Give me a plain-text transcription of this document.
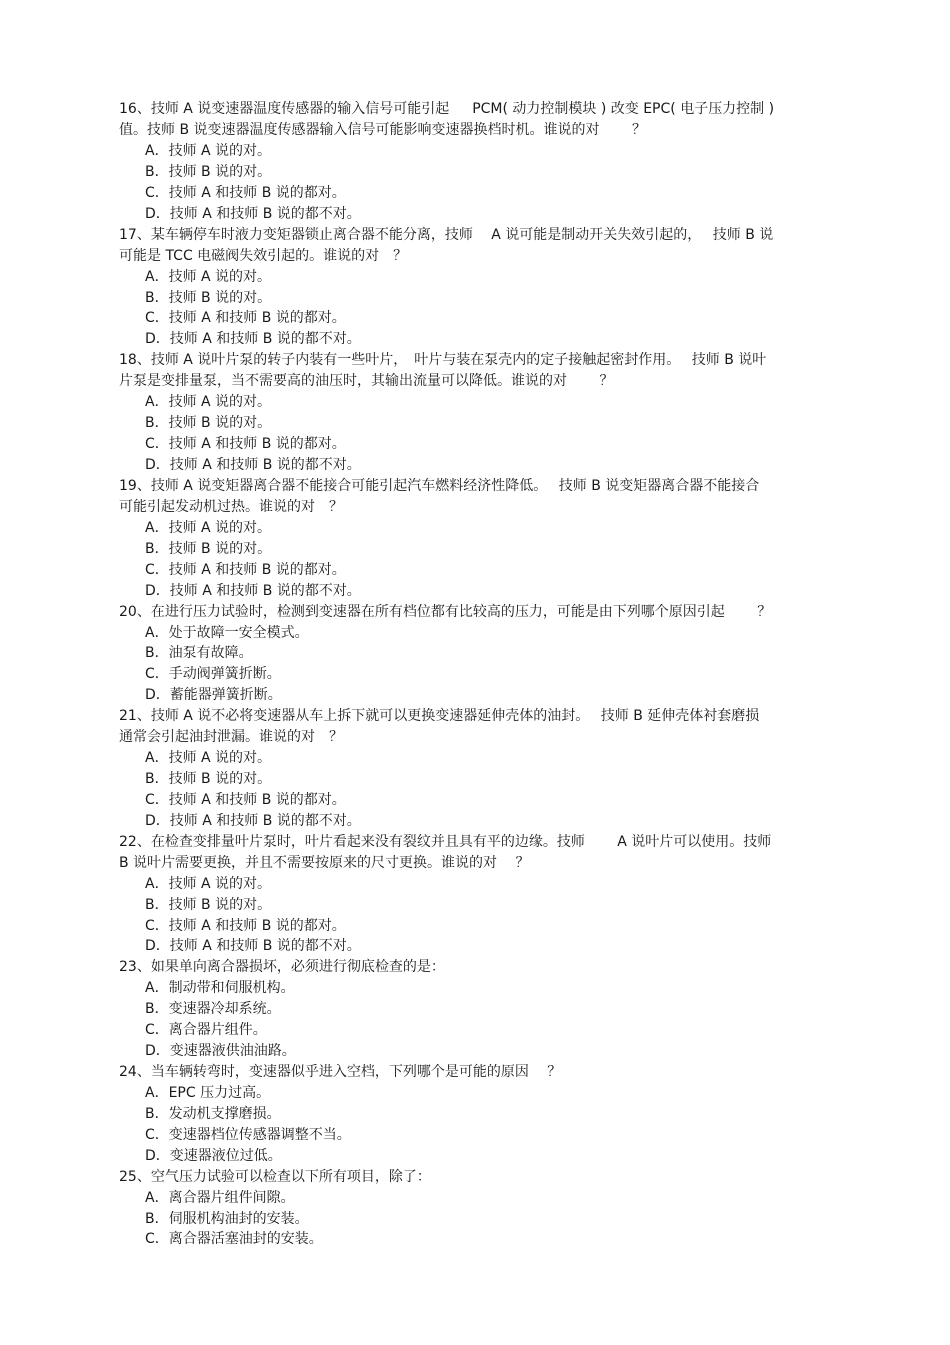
16、技师 A 说变速器温度传感器的输入信号可能引起 　 PCM( 动力控制模块 ) 改变 EPC( 电子压力控制 )
值。技师 B 说变速器温度传感器输入信号可能影响变速器换档时机。谁说的对　 　？
A．技师 A 说的对。
B．技师 B 说的对。
C．技师 A 和技师 B 说的都对。
D．技师 A 和技师 B 说的都不对。
17、某车辆停车时液力变矩器锁止离合器不能分离，技师　 A 说可能是制动开关失效引起的，　 技师 B 说
可能是 TCC 电磁阀失效引起的。谁说的对　？
A．技师 A 说的对。
B．技师 B 说的对。
C．技师 A 和技师 B 说的都对。
D．技师 A 和技师 B 说的都不对。
18、技师 A 说叶片泵的转子内装有一些叶片，　叶片与装在泵壳内的定子接触起密封作用。　 技师 B 说叶
片泵是变排量泵，当不需要高的油压时，其输出流量可以降低。谁说的对　 　？
A．技师 A 说的对。
B．技师 B 说的对。
C．技师 A 和技师 B 说的都对。
D．技师 A 和技师 B 说的都不对。
19、技师 A 说变矩器离合器不能接合可能引起汽车燃料经济性降低。　 技师 B 说变矩器离合器不能接合
可能引起发动机过热。谁说的对　？
A．技师 A 说的对。
B．技师 B 说的对。
C．技师 A 和技师 B 说的都对。
D．技师 A 和技师 B 说的都不对。
20、在进行压力试验时，检测到变速器在所有档位都有比较高的压力，可能是由下列哪个原因引起　 　？
A．处于故障一安全模式。
B．油泵有故障。
C．手动阀弹簧折断。
D．蓄能器弹簧折断。
21、技师 A 说不必将变速器从车上拆下就可以更换变速器延伸壳体的油封。　 技师 B 延伸壳体衬套磨损
通常会引起油封泄漏。谁说的对　？
A．技师 A 说的对。
B．技师 B 说的对。
C．技师 A 和技师 B 说的都对。
D．技师 A 和技师 B 说的都不对。
22、在检查变排量叶片泵时，叶片看起来没有裂纹并且具有平的边缘。技师　 　A 说叶片可以使用。技师
B 说叶片需要更换，并且不需要按原来的尺寸更换。谁说的对　 ？
A．技师 A 说的对。
B．技师 B 说的对。
C．技师 A 和技师 B 说的都对。
D．技师 A 和技师 B 说的都不对。
23、如果单向离合器损坏，必须进行彻底检查的是：
A．制动带和伺服机构。
B．变速器冷却系统。
C．离合器片组件。
D．变速器液供油油路。
24、当车辆转弯时，变速器似乎进入空档，下列哪个是可能的原因　 ？
A．EPC 压力过高。
B．发动机支撑磨损。
C．变速器档位传感器调整不当。
D．变速器液位过低。
25、空气压力试验可以检查以下所有项目，除了：
A．离合器片组件间隙。
B．伺服机构油封的安装。
C．离合器活塞油封的安装。
